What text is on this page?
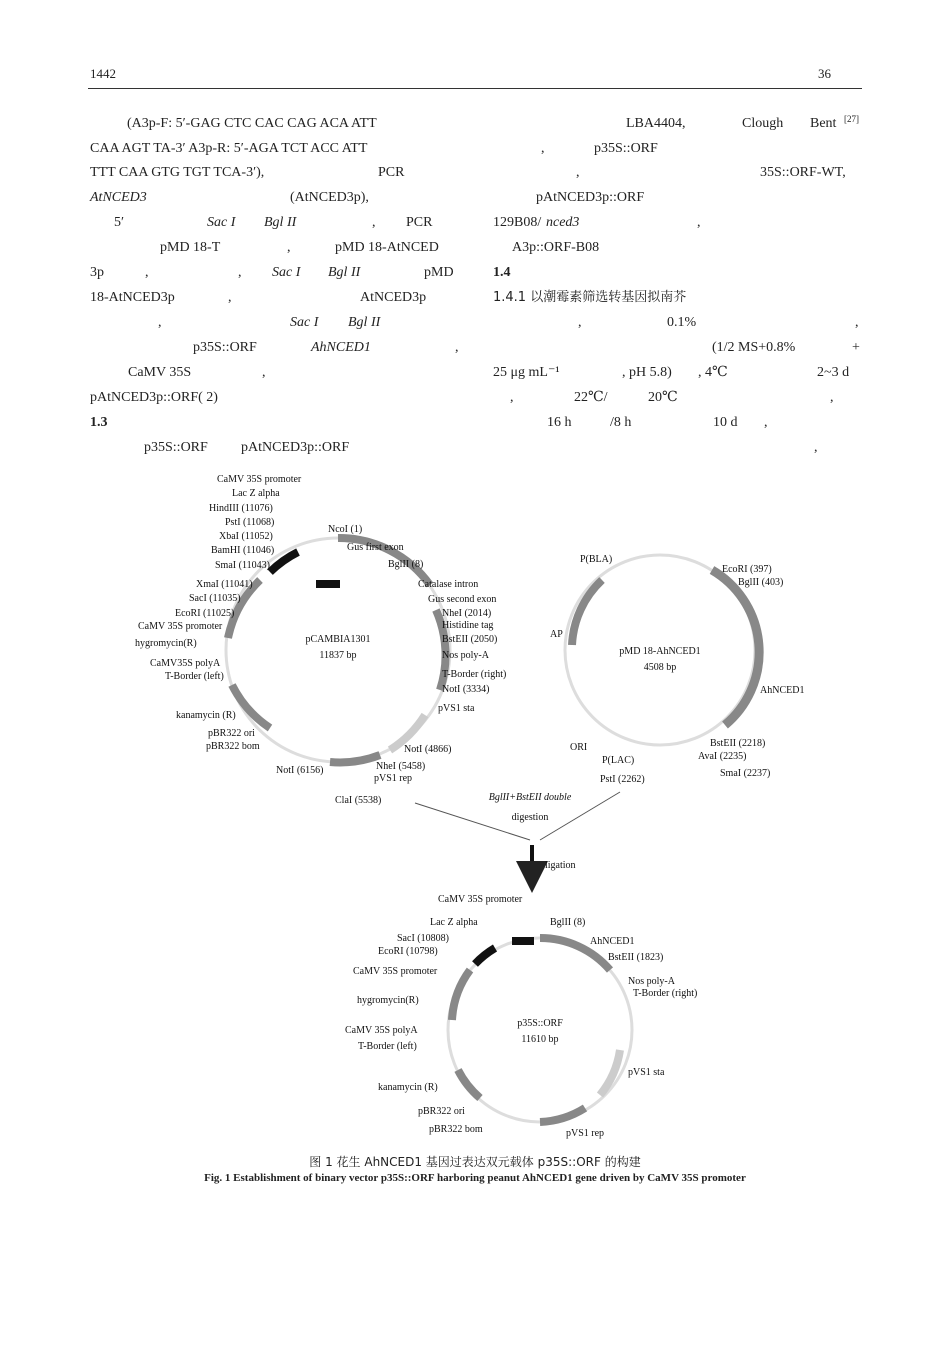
1442	36
(A3p-F: 5′-GAG CTC CAC CAG ACA ATT
CAA AGT TA-3′ A3p-R: 5′-AGA TCT ACC ATT
TTT CAA GTG TGT TCA-3′),	PCR
AtNCED3	(AtNCED3p),
5′	Sac I Bgl II	, PCR
pMD 18-T	,	pMD 18-AtNCED
3p	,	, Sac I Bgl II	pMD
18-AtNCED3p	,	AtNCED3p
,	Sac I Bgl II
p35S::ORF	AhNCED1	,
CaMV 35S	,
pAtNCED3p::ORF( 2)
1.3
p35S::ORF pAtNCED3p::ORF
LBA4404,	Clough Bent [27]
,	p35S::ORF
,	35S::ORF-WT,
pAtNCED3p::ORF
129B08/ nced3	,
A3p::ORF-B08
1.4
1.4.1 以潮霉素筛选转基因拟南芥
,	0.1%	,
(1/2 MS+0.8%	+
25 μg mL⁻¹	, pH 5.8) , 4℃	2~3 d
,	22℃/	20℃	,
16 h	/8 h	10 d ,
,
pCAMBIA1301
11837 bp
CaMV 35S promoter
Lac Z alpha
HindIII (11076)
PstI (11068)
XbaI (11052)
BamHI (11046)
SmaI (11043)
XmaI (11041)
SacI (11035)
EcoRI (11025)
CaMV 35S promoter
hygromycin(R)
CaMV35S polyA
T-Border (left)
kanamycin (R)
pBR322 ori
pBR322 bom
NotI (6156)
ClaI (5538)
NheI (5458)
pVS1 rep
NotI (4866)
pVS1 sta
NotI (3334)
T-Border (right)
Nos poly-A
BstEII (2050)
Histidine tag
NheI (2014)
Gus second exon
Catalase intron
BglII (8)
Gus first exon
NcoI (1)
pMD 18-AhNCED1
4508 bp
P(BLA)
EcoRI (397)
BglII (403)
AP
AhNCED1
BstEII (2218)
AvaI (2235)
SmaI (2237)
PstI (2262)
P(LAC)
ORI
BglII+BstEII double
digestion
ligation
p35S::ORF
11610 bp
CaMV 35S promoter
Lac Z alpha	BglII (8)
SacI (10808)
EcoRI (10798)
AhNCED1
BstEII (1823)
CaMV 35S promoter
Nos poly-A
T-Border (right)
hygromycin(R)
CaMV 35S polyA
T-Border (left)
pVS1 sta
kanamycin (R)
pBR322 ori
pBR322 bom	pVS1 rep
图 1 花生 AhNCED1 基因过表达双元载体 p35S::ORF 的构建
Fig. 1 Establishment of binary vector p35S::ORF harboring peanut AhNCED1 gene driven by CaMV 35S promoter
